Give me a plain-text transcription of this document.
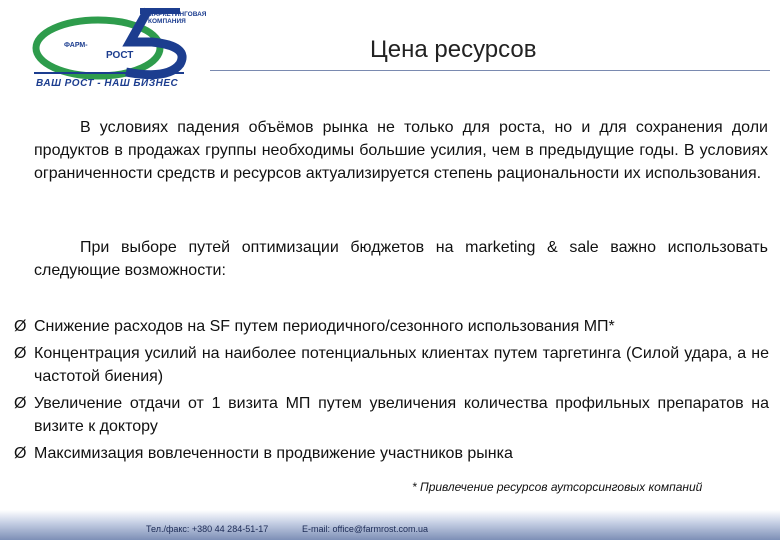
МАРКЕТИНГОВАЯ КОМПАНИЯ
ФАРМ-
РОСТ
ВАШ РОСТ - НАШ БИЗНЕС
Цена ресурсов
В условиях падения объёмов рынка не только для роста, но и для сохранения доли продуктов в продажах группы необходимы большие усилия, чем в предыдущие годы. В условиях ограниченности средств и ресурсов актуализируется степень рациональности их использования.
При выборе путей оптимизации бюджетов на marketing & sale важно использовать следующие возможности:
Ø Снижение расходов на SF путем периодичного/сезонного использования МП*
Ø Концентрация усилий на наиболее потенциальных клиентах путем таргетинга (Силой удара, а не частотой биения)
Ø Увеличение отдачи от 1 визита МП путем увеличения количества профильных препаратов на визите к доктору
Ø Максимизация вовлеченности в продвижение участников рынка
* Привлечение ресурсов аутсорсинговых компаний
Тел./факс: +380 44 284-51-17	E-mail: office@farmrost.com.ua
